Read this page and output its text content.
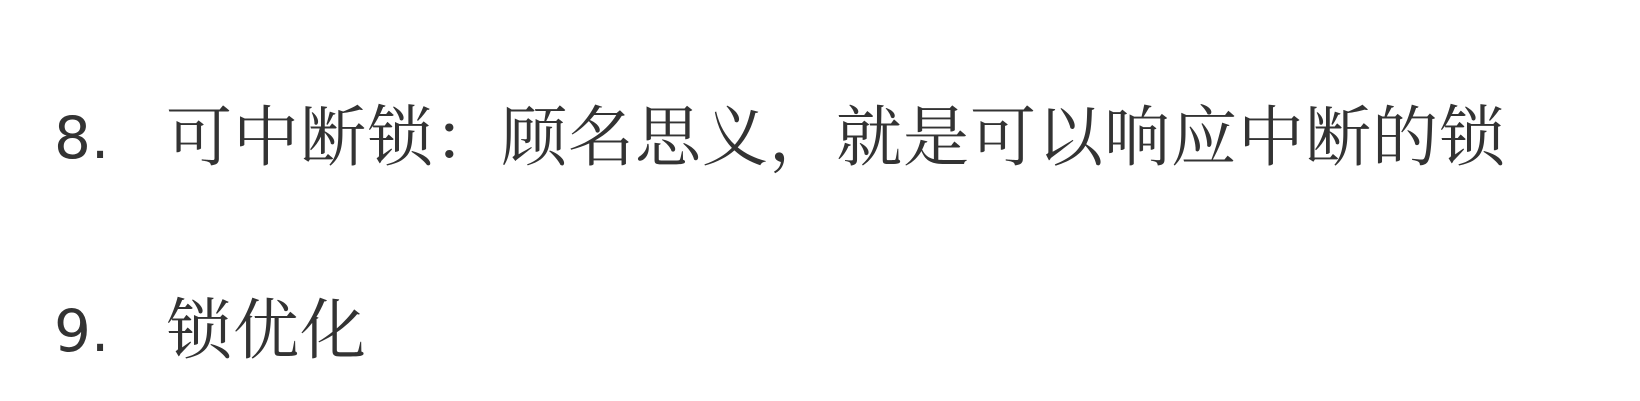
8. 可中断锁：顾名思义，就是可以响应中断的锁
9. 锁优化
